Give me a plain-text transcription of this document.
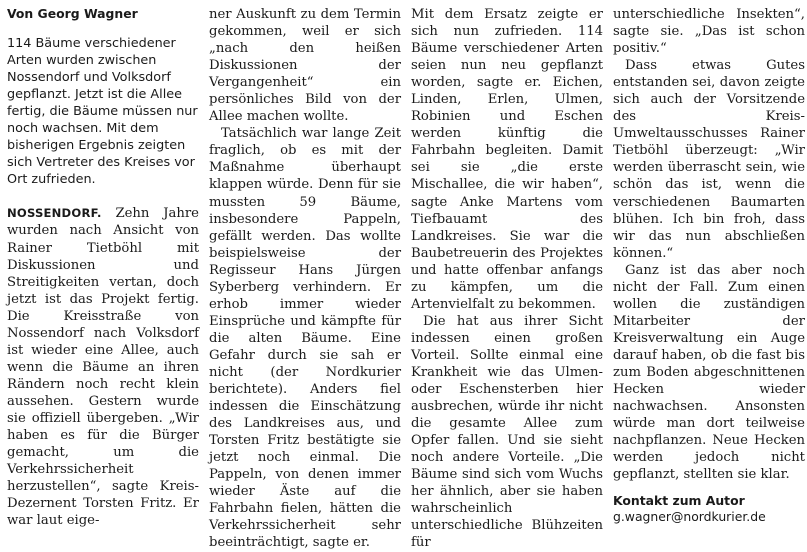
Von Georg Wagner

114 Bäume verschiedener Arten wurden zwischen Nossendorf und Volksdorf gepflanzt. Jetzt ist die Allee fertig, die Bäume müssen nur noch wachsen. Mit dem bisherigen Ergebnis zeigten sich Vertreter des Kreises vor Ort zufrieden.

NOSSENDORF. Zehn Jahre wurden nach Ansicht von Rainer Tietböhl mit Diskussionen und Streitigkeiten vertan, doch jetzt ist das Projekt fertig. Die Kreisstraße von Nossendorf nach Volksdorf ist wieder eine Allee, auch wenn die Bäume an ihren Rändern noch recht klein aussehen. Gestern wurde sie offiziell übergeben. „Wir haben es für die Bürger gemacht, um die Verkehrssicherheit herzustellen“, sagte Kreis-Dezernent Torsten Fritz. Er war laut eige-

ner Auskunft zu dem Termin gekommen, weil er sich „nach den heißen Diskussionen der Vergangenheit“ ein persönliches Bild von der Allee machen wollte.

Tatsächlich war lange Zeit fraglich, ob es mit der Maßnahme überhaupt klappen würde. Denn für sie mussten 59 Bäume, insbesondere Pappeln, gefällt werden. Das wollte beispielsweise der Regisseur Hans Jürgen Syberberg verhindern. Er erhob immer wieder Einsprüche und kämpfte für die alten Bäume. Eine Gefahr durch sie sah er nicht (der Nordkurier berichtete). Anders fiel indessen die Einschätzung des Landkreises aus, und Torsten Fritz bestätigte sie jetzt noch einmal. Die Pappeln, von denen immer wieder Äste auf die Fahrbahn fielen, hätten die Verkehrssicherheit sehr beeinträchtigt, sagte er.

Mit dem Ersatz zeigte er sich nun zufrieden. 114 Bäume verschiedener Arten seien nun neu gepflanzt worden, sagte er. Eichen, Linden, Erlen, Ulmen, Robinien und Eschen werden künftig die Fahrbahn begleiten. Damit sei sie „die erste Mischallee, die wir haben“, sagte Anke Martens vom Tiefbauamt des Landkreises. Sie war die Baubetreuerin des Projektes und hatte offenbar anfangs zu kämpfen, um die Artenvielfalt zu bekommen.

Die hat aus ihrer Sicht indessen einen großen Vorteil. Sollte einmal eine Krankheit wie das Ulmen- oder Eschensterben hier ausbrechen, würde ihr nicht die gesamte Allee zum Opfer fallen. Und sie sieht noch andere Vorteile. „Die Bäume sind sich vom Wuchs her ähnlich, aber sie haben wahrscheinlich unterschiedliche Blühzeiten für

unterschiedliche Insekten“, sagte sie. „Das ist schon positiv.“

Dass etwas Gutes entstanden sei, davon zeigte sich auch der Vorsitzende des Kreis-Umweltausschusses Rainer Tietböhl überzeugt: „Wir werden überrascht sein, wie schön das ist, wenn die verschiedenen Baumarten blühen. Ich bin froh, dass wir das nun abschließen können.“

Ganz ist das aber noch nicht der Fall. Zum einen wollen die zuständigen Mitarbeiter der Kreisverwaltung ein Auge darauf haben, ob die fast bis zum Boden abgeschnittenen Hecken wieder nachwachsen. Ansonsten würde man dort teilweise nachpflanzen. Neue Hecken werden jedoch nicht gepflanzt, stellten sie klar.

Kontakt zum Autor

g.wagner@nordkurier.de
